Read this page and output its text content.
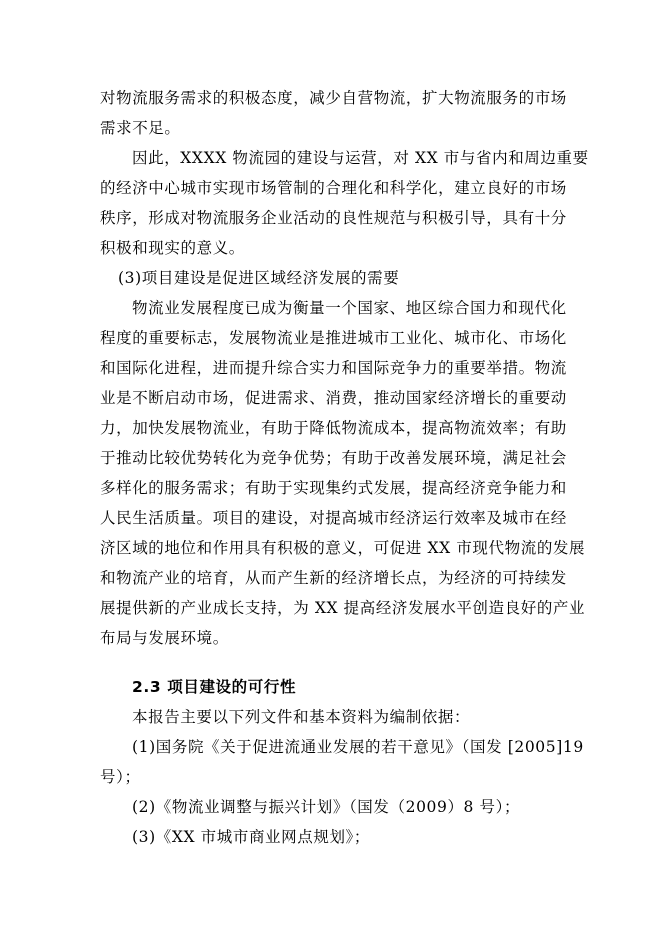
对物流服务需求的积极态度，减少自营物流，扩大物流服务的市场
需求不足。
因此，XXXX 物流园的建设与运营，对 XX 市与省内和周边重要
的经济中心城市实现市场管制的合理化和科学化，建立良好的市场
秩序，形成对物流服务企业活动的良性规范与积极引导，具有十分
积极和现实的意义。
(3)项目建设是促进区域经济发展的需要
物流业发展程度已成为衡量一个国家、地区综合国力和现代化
程度的重要标志，发展物流业是推进城市工业化、城市化、市场化
和国际化进程，进而提升综合实力和国际竞争力的重要举措。物流
业是不断启动市场，促进需求、消费，推动国家经济增长的重要动
力，加快发展物流业，有助于降低物流成本，提高物流效率；有助
于推动比较优势转化为竞争优势；有助于改善发展环境，满足社会
多样化的服务需求；有助于实现集约式发展，提高经济竞争能力和
人民生活质量。项目的建设，对提高城市经济运行效率及城市在经
济区域的地位和作用具有积极的意义，可促进 XX 市现代物流的发展
和物流产业的培育，从而产生新的经济增长点，为经济的可持续发
展提供新的产业成长支持，为 XX 提高经济发展水平创造良好的产业
布局与发展环境。
2.3 项目建设的可行性
本报告主要以下列文件和基本资料为编制依据：
(1)国务院《关于促进流通业发展的若干意见》（国发 [2005]19
号）；
(2)《物流业调整与振兴计划》（国发（2009）8 号）；
(3)《XX 市城市商业网点规划》；
